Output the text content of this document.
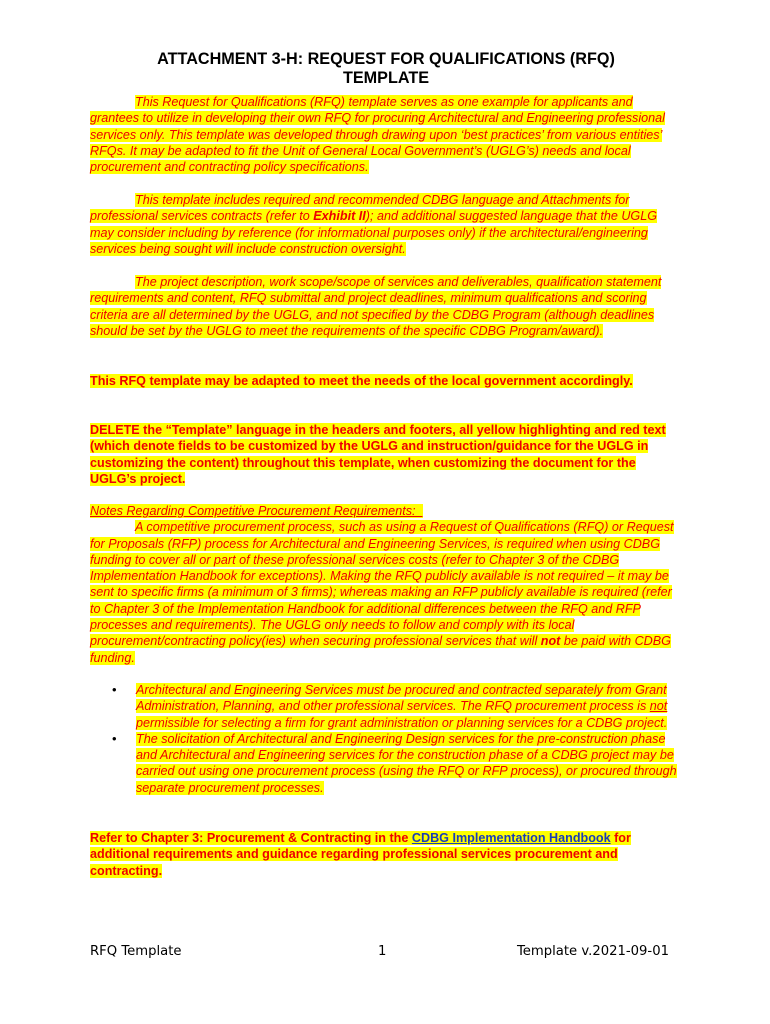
ATTACHMENT 3-H: REQUEST FOR QUALIFICATIONS (RFQ)
TEMPLATE
This Request for Qualifications (RFQ) template serves as one example for applicants and grantees to utilize in developing their own RFQ for procuring Architectural and Engineering professional services only. This template was developed through drawing upon ‘best practices’ from various entities’ RFQs. It may be adapted to fit the Unit of General Local Government’s (UGLG’s) needs and local procurement and contracting policy specifications.
This template includes required and recommended CDBG language and Attachments for professional services contracts (refer to Exhibit II); and additional suggested language that the UGLG may consider including by reference (for informational purposes only) if the architectural/engineering services being sought will include construction oversight.
The project description, work scope/scope of services and deliverables, qualification statement requirements and content, RFQ submittal and project deadlines, minimum qualifications and scoring criteria are all determined by the UGLG, and not specified by the CDBG Program (although deadlines should be set by the UGLG to meet the requirements of the specific CDBG Program/award).
This RFQ template may be adapted to meet the needs of the local government accordingly.
DELETE the “Template” language in the headers and footers, all yellow highlighting and red text (which denote fields to be customized by the UGLG and instruction/guidance for the UGLG in customizing the content) throughout this template, when customizing the document for the UGLG’s project.
Notes Regarding Competitive Procurement Requirements:
A competitive procurement process, such as using a Request of Qualifications (RFQ) or Request for Proposals (RFP) process for Architectural and Engineering Services, is required when using CDBG funding to cover all or part of these professional services costs (refer to Chapter 3 of the CDBG Implementation Handbook for exceptions). Making the RFQ publicly available is not required – it may be sent to specific firms (a minimum of 3 firms); whereas making an RFP publicly available is required (refer to Chapter 3 of the Implementation Handbook for additional differences between the RFQ and RFP processes and requirements). The UGLG only needs to follow and comply with its local procurement/contracting policy(ies) when securing professional services that will not be paid with CDBG funding.
• Architectural and Engineering Services must be procured and contracted separately from Grant Administration, Planning, and other professional services. The RFQ procurement process is not permissible for selecting a firm for grant administration or planning services for a CDBG project.
• The solicitation of Architectural and Engineering Design services for the pre-construction phase and Architectural and Engineering services for the construction phase of a CDBG project may be carried out using one procurement process (using the RFQ or RFP process), or procured through separate procurement processes.
Refer to Chapter 3: Procurement & Contracting in the CDBG Implementation Handbook for additional requirements and guidance regarding professional services procurement and contracting.
RFQ Template	1	Template v.2021-09-01
